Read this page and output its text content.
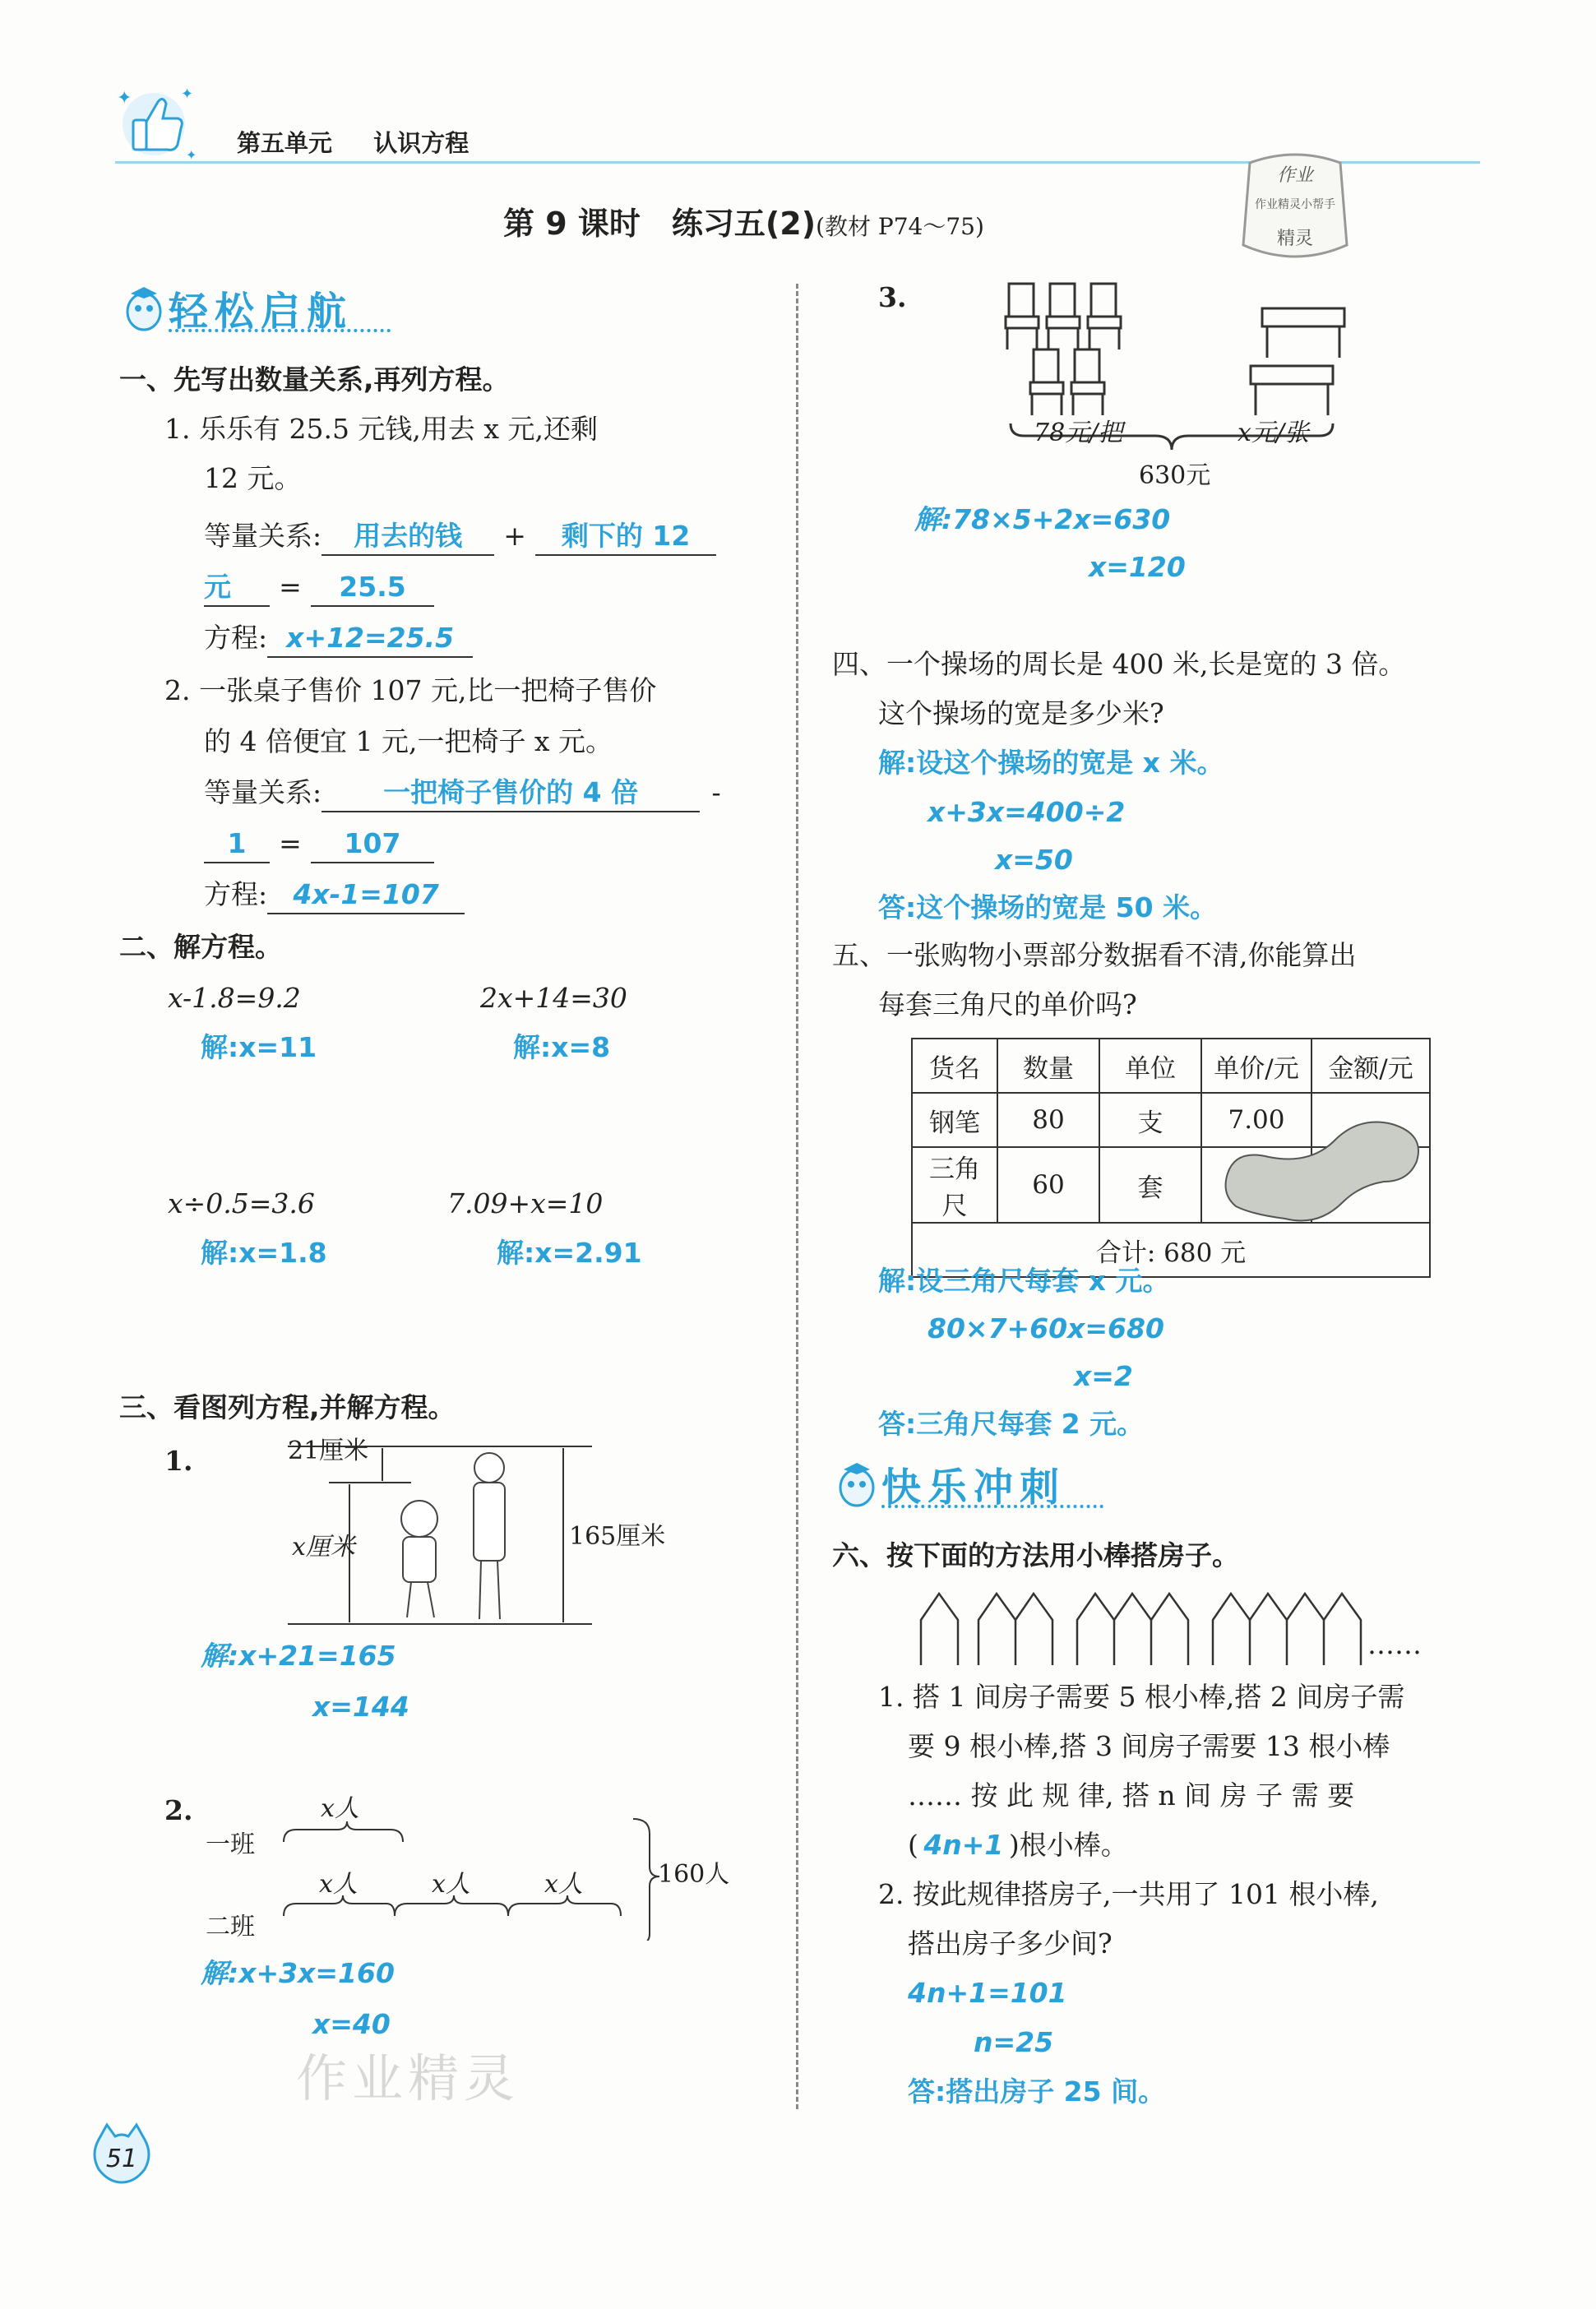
✦	✦
✦ 第五单元 认识方程
第 9 课时　练习五(2)(教材 P74～75)
作业
作业精灵小帮手
精灵
轻松启航
一、先写出数量关系,再列方程。
1. 乐乐有 25.5 元钱,用去 x 元,还剩
12 元。
等量关系: 用去的钱 + 剩下的 12
元 = 25.5
方程: x+12=25.5
2. 一张桌子售价 107 元,比一把椅子售价
的 4 倍便宜 1 元,一把椅子 x 元。
等量关系: 一把椅子售价的 4 倍	-
1 = 107
方程: 4x-1=107
二、解方程。
x-1.8=9.2
解:x=11
2x+14=30
解:x=8
x÷0.5=3.6
解:x=1.8
7.09+x=10
解:x=2.91
三、看图列方程,并解方程。
1.	21厘米
x厘米	165厘米
解:x+21=165
x=144
2.	x人
一班
x人	x人	x人
二班
160人
解:x+3x=160
x=40
作业精灵
51
3.
78元/把	x元/张
630元
解:78×5+2x=630
x=120
四、一个操场的周长是 400 米,长是宽的 3 倍。
这个操场的宽是多少米?
解:设这个操场的宽是 x 米。
x+3x=400÷2
x=50
答:这个操场的宽是 50 米。
五、一张购物小票部分数据看不清,你能算出
每套三角尺的单价吗?
货名	数量	单位	单价/元	金额/元
钢笔	80	支	7.00	
三角尺	60	套		
合计: 680 元				
解:设三角尺每套 x 元。
80×7+60x=680
x=2
答:三角尺每套 2 元。
快乐冲刺
六、按下面的方法用小棒搭房子。
……
1. 搭 1 间房子需要 5 根小棒,搭 2 间房子需
要 9 根小棒,搭 3 间房子需要 13 根小棒
…… 按 此 规 律, 搭 n 间 房 子 需 要
( 4n+1 )根小棒。
2. 按此规律搭房子,一共用了 101 根小棒,
搭出房子多少间?
4n+1=101
n=25
答:搭出房子 25 间。
